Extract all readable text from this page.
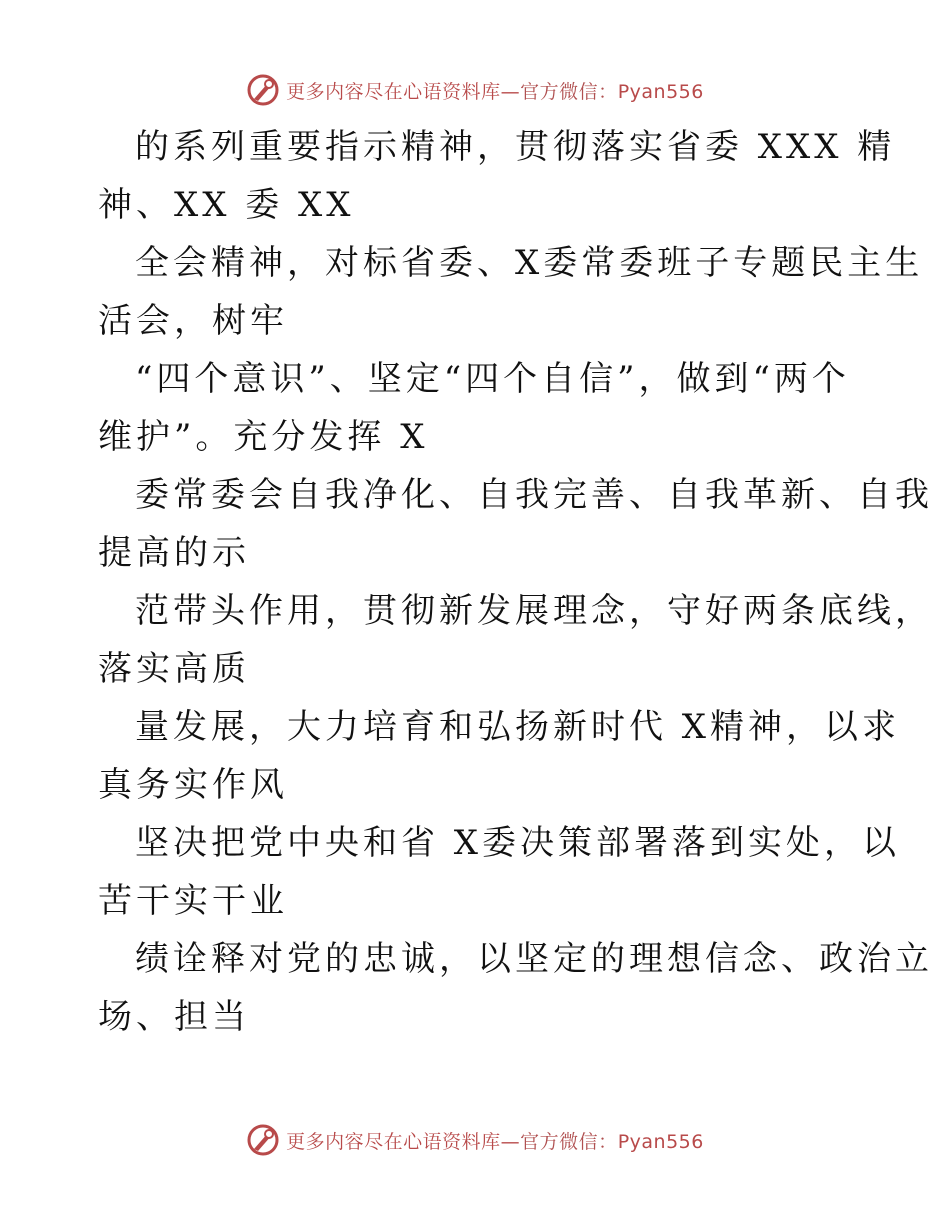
更多内容尽在心语资料库—官方微信：Pyan556
的系列重要指示精神，贯彻落实省委 XXX 精
神、XX 委 XX
全会精神，对标省委、X委常委班子专题民主生
活会，树牢
“四个意识”、坚定“四个自信”，做到“两个
维护”。充分发挥 X
委常委会自我净化、自我完善、自我革新、自我
提高的示
范带头作用，贯彻新发展理念，守好两条底线，
落实高质
量发展，大力培育和弘扬新时代 X精神，以求
真务实作风
坚决把党中央和省 X委决策部署落到实处，以
苦干实干业
绩诠释对党的忠诚，以坚定的理想信念、政治立
场、担当
更多内容尽在心语资料库—官方微信：Pyan556
